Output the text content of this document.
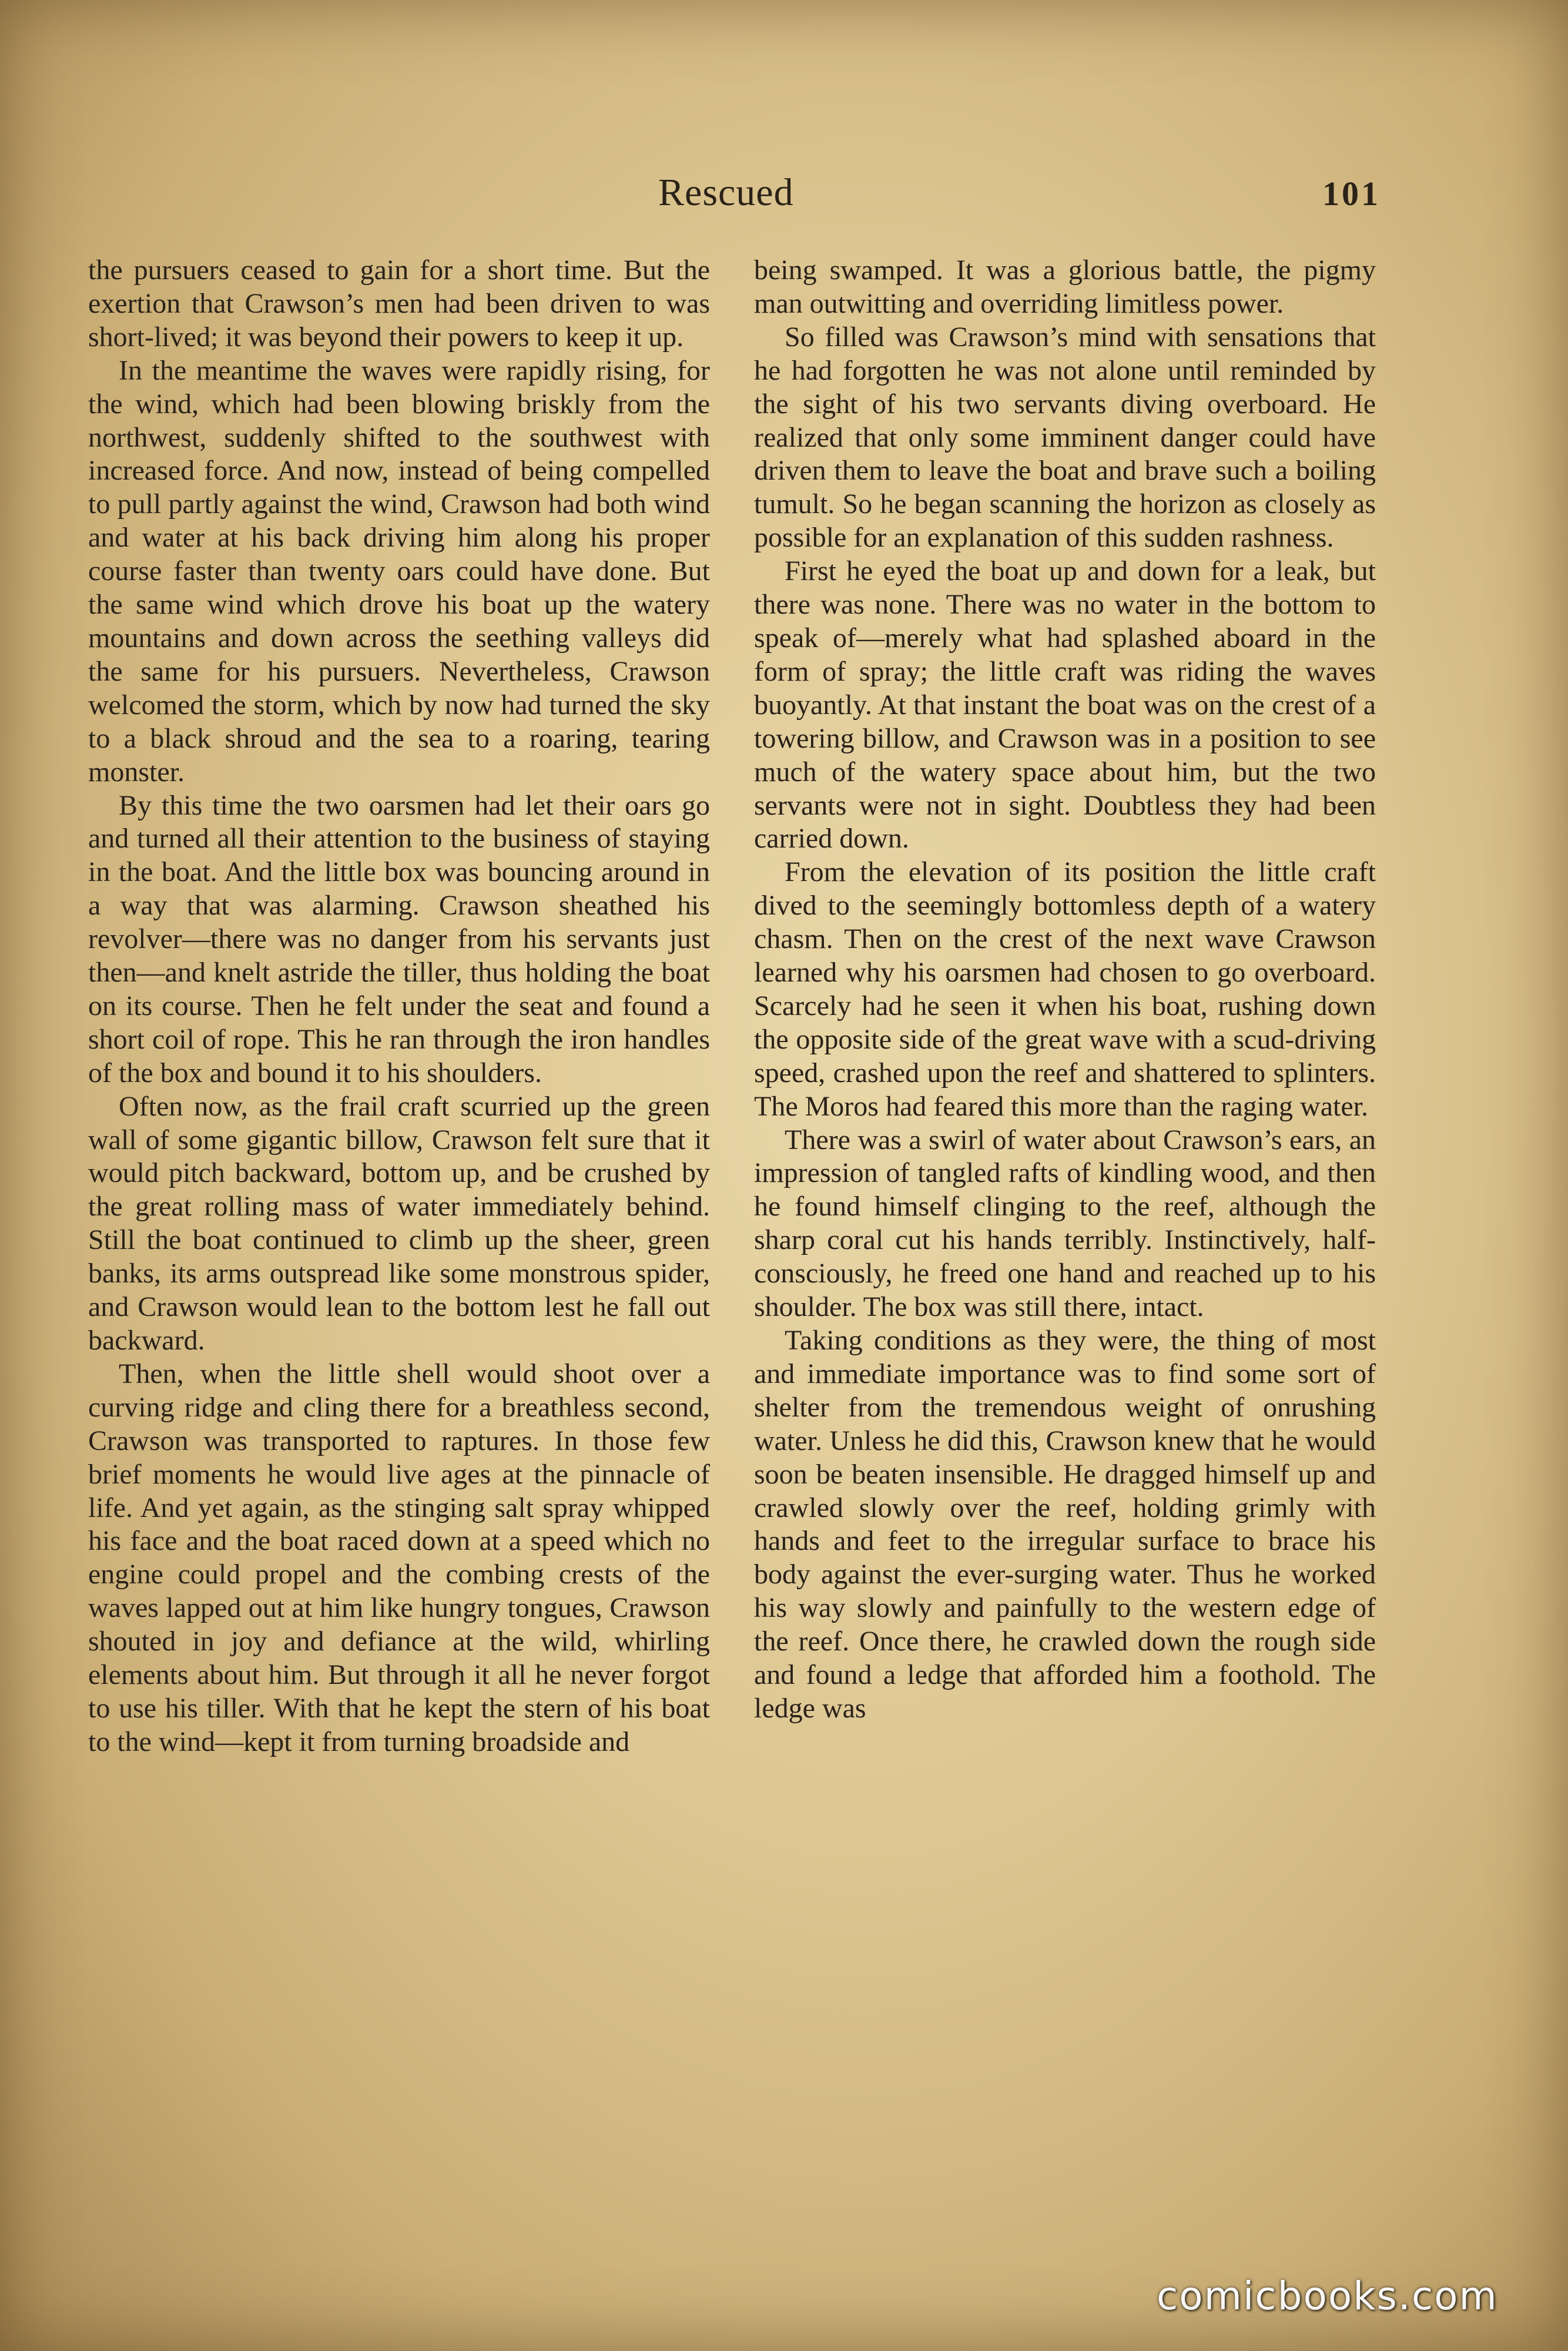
Rescued	101

the pursuers ceased to gain for a short time. But the exertion that Crawson’s men had been driven to was short-lived; it was beyond their powers to keep it up.

In the meantime the waves were rapidly rising, for the wind, which had been blowing briskly from the northwest, suddenly shifted to the southwest with increased force. And now, instead of being compelled to pull partly against the wind, Crawson had both wind and water at his back driving him along his proper course faster than twenty oars could have done. But the same wind which drove his boat up the watery mountains and down across the seething valleys did the same for his pursuers. Nevertheless, Crawson welcomed the storm, which by now had turned the sky to a black shroud and the sea to a roaring, tearing monster.

By this time the two oarsmen had let their oars go and turned all their attention to the business of staying in the boat. And the little box was bouncing around in a way that was alarming. Crawson sheathed his revolver—there was no danger from his servants just then—and knelt astride the tiller, thus holding the boat on its course. Then he felt under the seat and found a short coil of rope. This he ran through the iron handles of the box and bound it to his shoulders.

Often now, as the frail craft scurried up the green wall of some gigantic billow, Crawson felt sure that it would pitch backward, bottom up, and be crushed by the great rolling mass of water immediately behind. Still the boat continued to climb up the sheer, green banks, its arms outspread like some monstrous spider, and Crawson would lean to the bottom lest he fall out backward.

Then, when the little shell would shoot over a curving ridge and cling there for a breathless second, Crawson was transported to raptures. In those few brief moments he would live ages at the pinnacle of life. And yet again, as the stinging salt spray whipped his face and the boat raced down at a speed which no engine could propel and the combing crests of the waves lapped out at him like hungry tongues, Crawson shouted in joy and defiance at the wild, whirling elements about him. But through it all he never forgot to use his tiller. With that he kept the stern of his boat to the wind—kept it from turning broadside and

being swamped. It was a glorious battle, the pigmy man outwitting and overriding limitless power.

So filled was Crawson’s mind with sensations that he had forgotten he was not alone until reminded by the sight of his two servants diving overboard. He realized that only some imminent danger could have driven them to leave the boat and brave such a boiling tumult. So he began scanning the horizon as closely as possible for an explanation of this sudden rashness.

First he eyed the boat up and down for a leak, but there was none. There was no water in the bottom to speak of—merely what had splashed aboard in the form of spray; the little craft was riding the waves buoyantly. At that instant the boat was on the crest of a towering billow, and Crawson was in a position to see much of the watery space about him, but the two servants were not in sight. Doubtless they had been carried down.

From the elevation of its position the little craft dived to the seemingly bottomless depth of a watery chasm. Then on the crest of the next wave Crawson learned why his oarsmen had chosen to go overboard. Scarcely had he seen it when his boat, rushing down the opposite side of the great wave with a scud-driving speed, crashed upon the reef and shattered to splinters. The Moros had feared this more than the raging water.

There was a swirl of water about Crawson’s ears, an impression of tangled rafts of kindling wood, and then he found himself clinging to the reef, although the sharp coral cut his hands terribly. Instinctively, half-consciously, he freed one hand and reached up to his shoulder. The box was still there, intact.

Taking conditions as they were, the thing of most and immediate importance was to find some sort of shelter from the tremendous weight of onrushing water. Unless he did this, Crawson knew that he would soon be beaten insensible. He dragged himself up and crawled slowly over the reef, holding grimly with hands and feet to the irregular surface to brace his body against the ever-surging water. Thus he worked his way slowly and painfully to the western edge of the reef. Once there, he crawled down the rough side and found a ledge that afforded him a foothold. The ledge was

comicbooks.com
